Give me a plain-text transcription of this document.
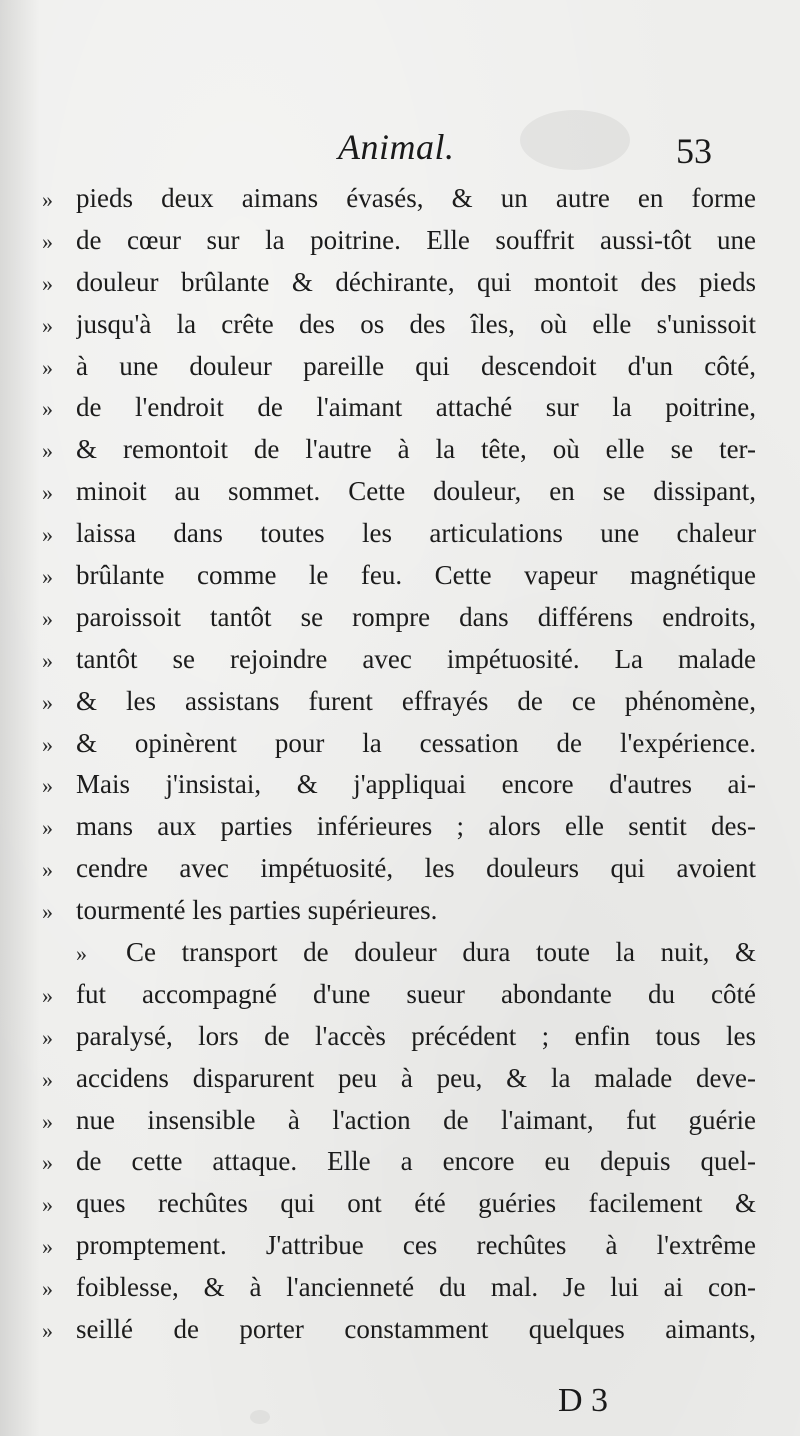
Animal.	53
» pieds deux aimans évasés, & un autre en forme
» de cœur sur la poitrine. Elle souffrit aussi-tôt une
» douleur brûlante & déchirante, qui montoit des pieds
» jusqu'à la crête des os des îles, où elle s'unissoit
» à une douleur pareille qui descendoit d'un côté,
» de l'endroit de l'aimant attaché sur la poitrine,
» & remontoit de l'autre à la tête, où elle se ter-
» minoit au sommet. Cette douleur, en se dissipant,
» laissa dans toutes les articulations une chaleur
» brûlante comme le feu. Cette vapeur magnétique
» paroissoit tantôt se rompre dans différens endroits,
» tantôt se rejoindre avec impétuosité. La malade
» & les assistans furent effrayés de ce phénomène,
» & opinèrent pour la cessation de l'expérience.
» Mais j'insistai, & j'appliquai encore d'autres ai-
» mans aux parties inférieures ; alors elle sentit des-
» cendre avec impétuosité, les douleurs qui avoient
» tourmenté les parties supérieures.
»	Ce transport de douleur dura toute la nuit, &
» fut accompagné d'une sueur abondante du côté
» paralysé, lors de l'accès précédent ; enfin tous les
» accidens disparurent peu à peu, & la malade deve-
» nue insensible à l'action de l'aimant, fut guérie
» de cette attaque. Elle a encore eu depuis quel-
» ques rechûtes qui ont été guéries facilement &
» promptement. J'attribue ces rechûtes à l'extrême
» foiblesse, & à l'ancienneté du mal. Je lui ai con-
» seillé de porter constamment quelques aimants,
D 3
